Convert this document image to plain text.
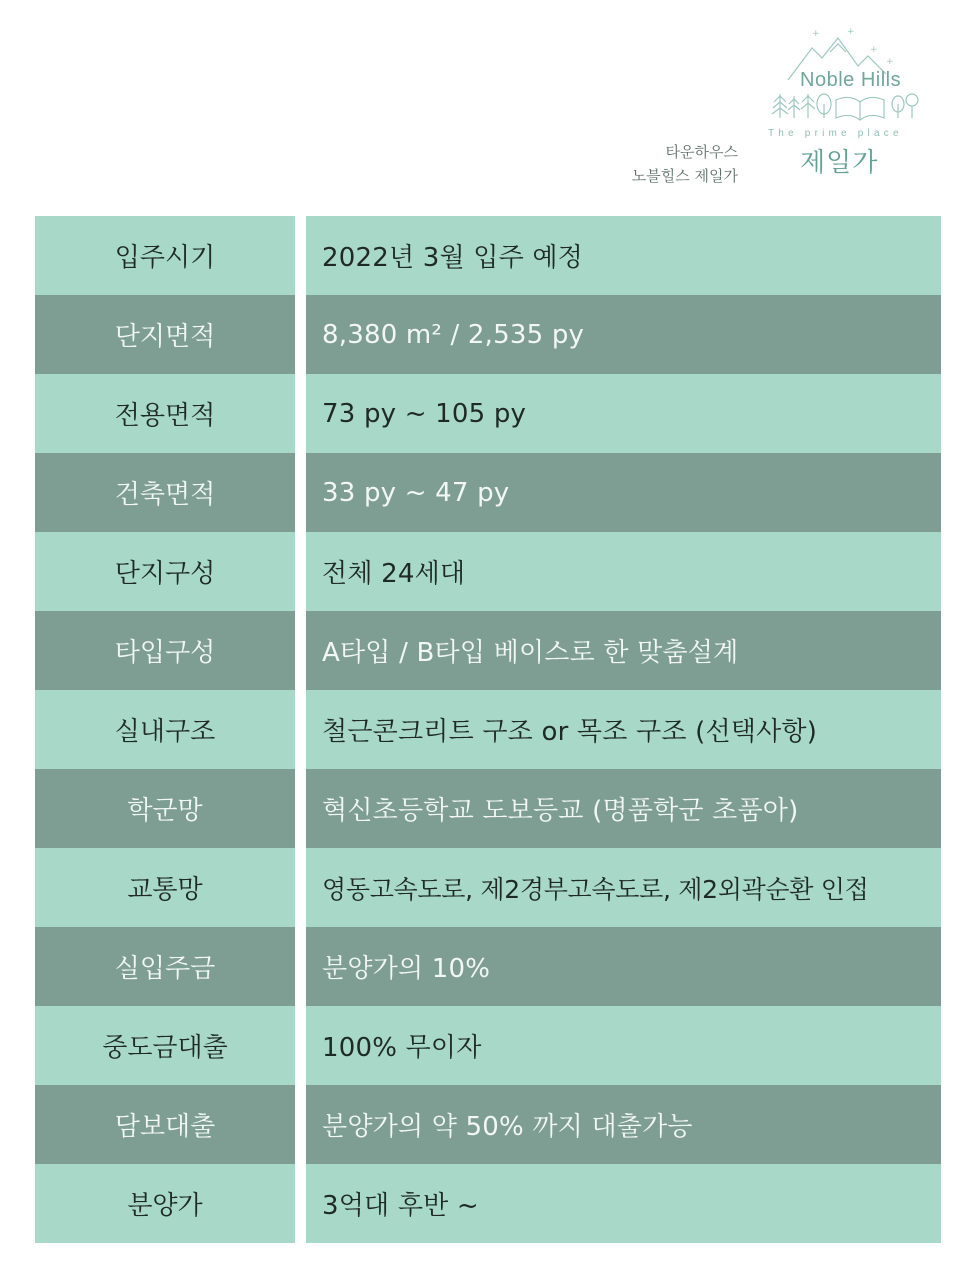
타운하우스
노블힐스 제일가
+	+
+
+
Noble Hills
The prime place
제일가
입주시기	2022년 3월 입주 예정
단지면적	8,380 m² / 2,535 py
전용면적	73 py ~ 105 py
건축면적	33 py ~ 47 py
단지구성	전체 24세대
타입구성	A타입 / B타입 베이스로 한 맞춤설계
실내구조	철근콘크리트 구조 or 목조 구조 (선택사항)
학군망	혁신초등학교 도보등교 (명품학군 초품아)
교통망	영동고속도로, 제2경부고속도로, 제2외곽순환 인접
실입주금	분양가의 10%
중도금대출	100% 무이자
담보대출	분양가의 약 50% 까지 대출가능
분양가	3억대 후반 ~
